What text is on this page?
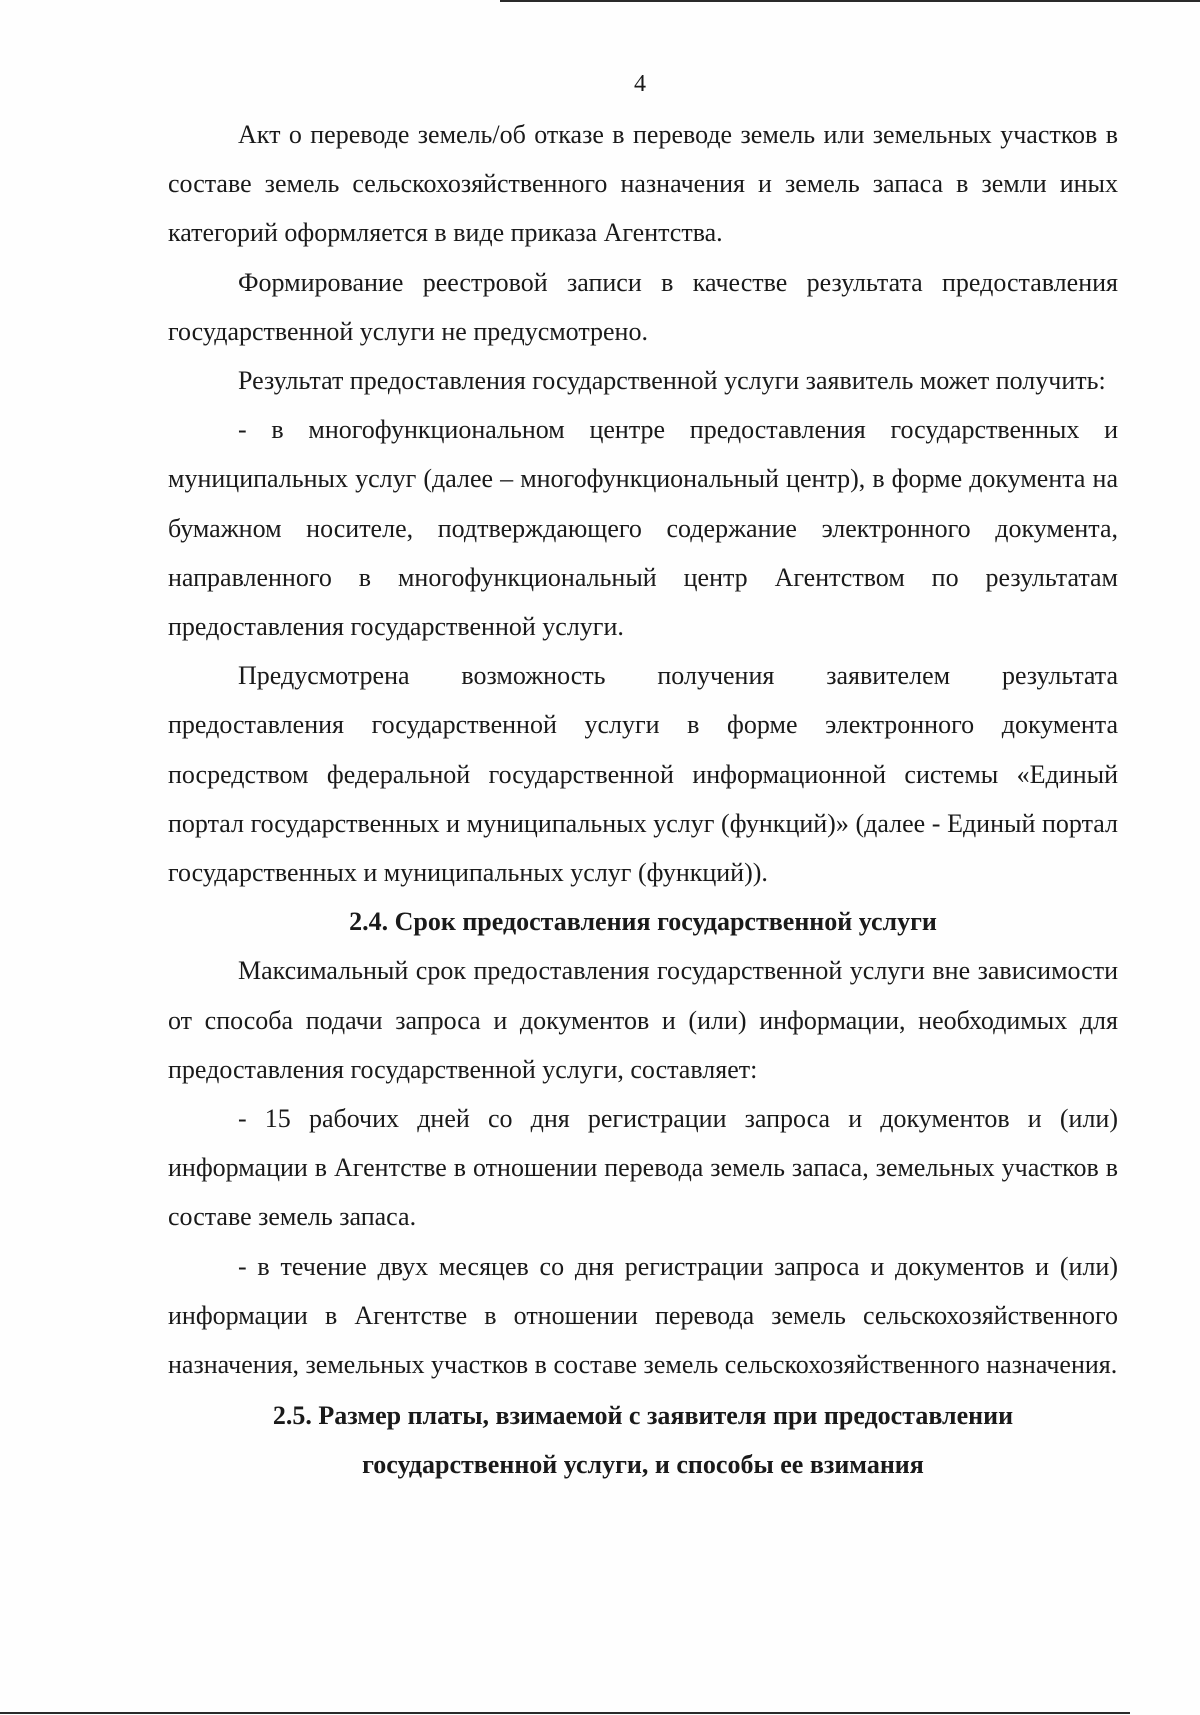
4

Акт о переводе земель/об отказе в переводе земель или земельных участков в составе земель сельскохозяйственного назначения и земель запаса в земли иных категорий оформляется в виде приказа Агентства.

Формирование реестровой записи в качестве результата предоставления государственной услуги не предусмотрено.

Результат предоставления государственной услуги заявитель может получить:

- в многофункциональном центре предоставления государственных и муниципальных услуг (далее – многофункциональный центр), в форме документа на бумажном носителе, подтверждающего содержание электронного документа, направленного в многофункциональный центр Агентством по результатам предоставления государственной услуги.

Предусмотрена возможность получения заявителем результата предоставления государственной услуги в форме электронного документа посредством федеральной государственной информационной системы «Единый портал государственных и муниципальных услуг (функций)» (далее - Единый портал государственных и муниципальных услуг (функций)).

2.4. Срок предоставления государственной услуги

Максимальный срок предоставления государственной услуги вне зависимости от способа подачи запроса и документов и (или) информации, необходимых для предоставления государственной услуги, составляет:

- 15 рабочих дней со дня регистрации запроса и документов и (или) информации в Агентстве в отношении перевода земель запаса, земельных участков в составе земель запаса.

- в течение двух месяцев со дня регистрации запроса и документов и (или) информации в Агентстве в отношении перевода земель сельскохозяйственного назначения, земельных участков в составе земель сельскохозяйственного назначения.

2.5. Размер платы, взимаемой с заявителя при предоставлении

государственной услуги, и способы ее взимания
